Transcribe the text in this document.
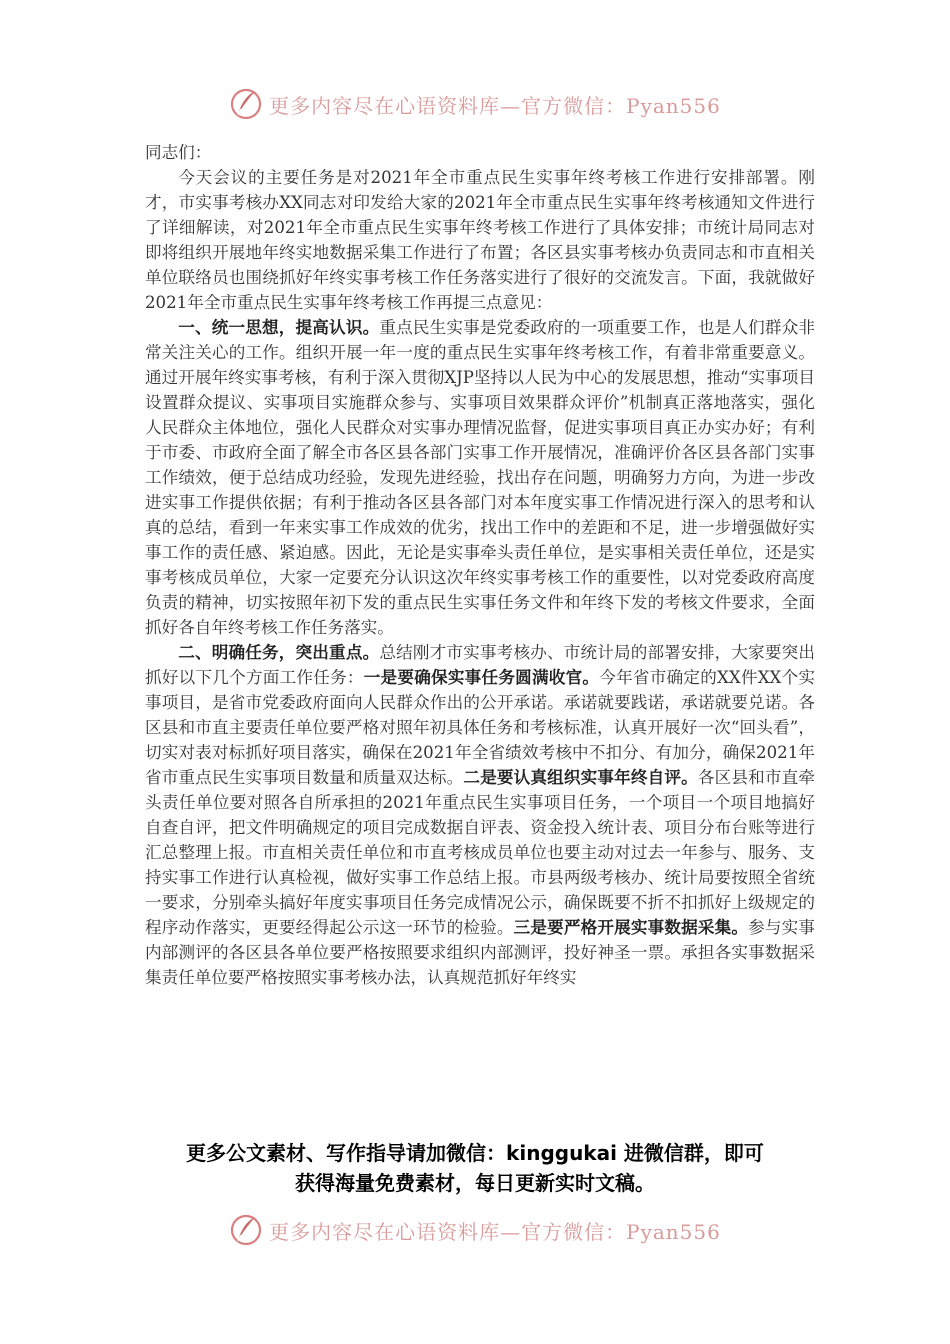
更多内容尽在心语资料库—官方微信：Pyan556

同志们：

今天会议的主要任务是对2021年全市重点民生实事年终考核工作进行安排部署。刚才，市实事考核办XX同志对印发给大家的2021年全市重点民生实事年终考核通知文件进行了详细解读，对2021年全市重点民生实事年终考核工作进行了具体安排；市统计局同志对即将组织开展地年终实地数据采集工作进行了布置；各区县实事考核办负责同志和市直相关单位联络员也围绕抓好年终实事考核工作任务落实进行了很好的交流发言。下面，我就做好2021年全市重点民生实事年终考核工作再提三点意见：

一、统一思想，提高认识。重点民生实事是党委政府的一项重要工作，也是人们群众非常关注关心的工作。组织开展一年一度的重点民生实事年终考核工作，有着非常重要意义。通过开展年终实事考核，有利于深入贯彻XJP坚持以人民为中心的发展思想，推动“实事项目设置群众提议、实事项目实施群众参与、实事项目效果群众评价”机制真正落地落实，强化人民群众主体地位，强化人民群众对实事办理情况监督，促进实事项目真正办实办好；有利于市委、市政府全面了解全市各区县各部门实事工作开展情况，准确评价各区县各部门实事工作绩效，便于总结成功经验，发现先进经验，找出存在问题，明确努力方向，为进一步改进实事工作提供依据；有利于推动各区县各部门对本年度实事工作情况进行深入的思考和认真的总结，看到一年来实事工作成效的优劣，找出工作中的差距和不足，进一步增强做好实事工作的责任感、紧迫感。因此，无论是实事牵头责任单位，是实事相关责任单位，还是实事考核成员单位，大家一定要充分认识这次年终实事考核工作的重要性，以对党委政府高度负责的精神，切实按照年初下发的重点民生实事任务文件和年终下发的考核文件要求，全面抓好各自年终考核工作任务落实。

二、明确任务，突出重点。总结刚才市实事考核办、市统计局的部署安排，大家要突出抓好以下几个方面工作任务：一是要确保实事任务圆满收官。今年省市确定的XX件XX个实事项目，是省市党委政府面向人民群众作出的公开承诺。承诺就要践诺，承诺就要兑诺。各区县和市直主要责任单位要严格对照年初具体任务和考核标准，认真开展好一次“回头看”，切实对表对标抓好项目落实，确保在2021年全省绩效考核中不扣分、有加分，确保2021年省市重点民生实事项目数量和质量双达标。二是要认真组织实事年终自评。各区县和市直牵头责任单位要对照各自所承担的2021年重点民生实事项目任务，一个项目一个项目地搞好自查自评，把文件明确规定的项目完成数据自评表、资金投入统计表、项目分布台账等进行汇总整理上报。市直相关责任单位和市直考核成员单位也要主动对过去一年参与、服务、支持实事工作进行认真检视，做好实事工作总结上报。市县两级考核办、统计局要按照全省统一要求，分别牵头搞好年度实事项目任务完成情况公示，确保既要不折不扣抓好上级规定的程序动作落实，更要经得起公示这一环节的检验。三是要严格开展实事数据采集。参与实事内部测评的各区县各单位要严格按照要求组织内部测评，投好神圣一票。承担各实事数据采集责任单位要严格按照实事考核办法，认真规范抓好年终实

更多公文素材、写作指导请加微信：kinggukai 进微信群，即可
获得海量免费素材，每日更新实时文稿。
更多内容尽在心语资料库—官方微信：Pyan556
